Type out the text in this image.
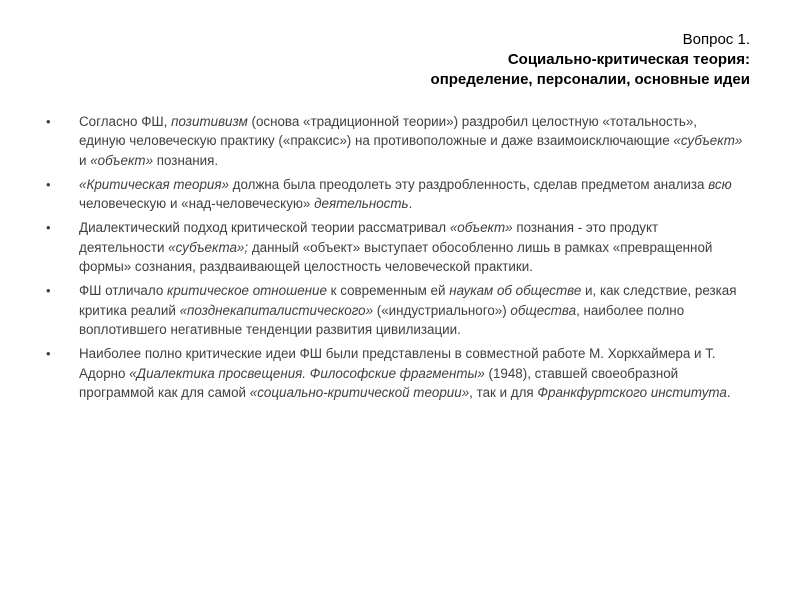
Вопрос 1.
Социально-критическая теория:
определение, персоналии, основные идеи
• Согласно ФШ, позитивизм (основа «традиционной теории») раздробил целостную «тотальность», единую человеческую практику («праксис») на противоположные и даже взаимоисключающие «субъект» и «объект» познания.
• «Критическая теория» должна была преодолеть эту раздробленность, сделав предметом анализа всю человеческую и «над-человеческую» деятельность.
• Диалектический подход критической теории рассматривал «объект» познания - это продукт деятельности «субъекта»; данный «объект» выступает обособленно лишь в рамках «превращенной формы» сознания, раздваивающей целостность человеческой практики.
• ФШ отличало критическое отношение к современным ей наукам об обществе и, как следствие, резкая критика реалий «позднекапиталистического» («индустриального») общества, наиболее полно воплотившего негативные тенденции развития цивилизации.
• Наиболее полно критические идеи ФШ были представлены в совместной работе М. Хоркхаймера и Т. Адорно «Диалектика просвещения. Философские фрагменты» (1948), ставшей своеобразной программой как для самой «социально-критической теории», так и для Франкфуртского института.
